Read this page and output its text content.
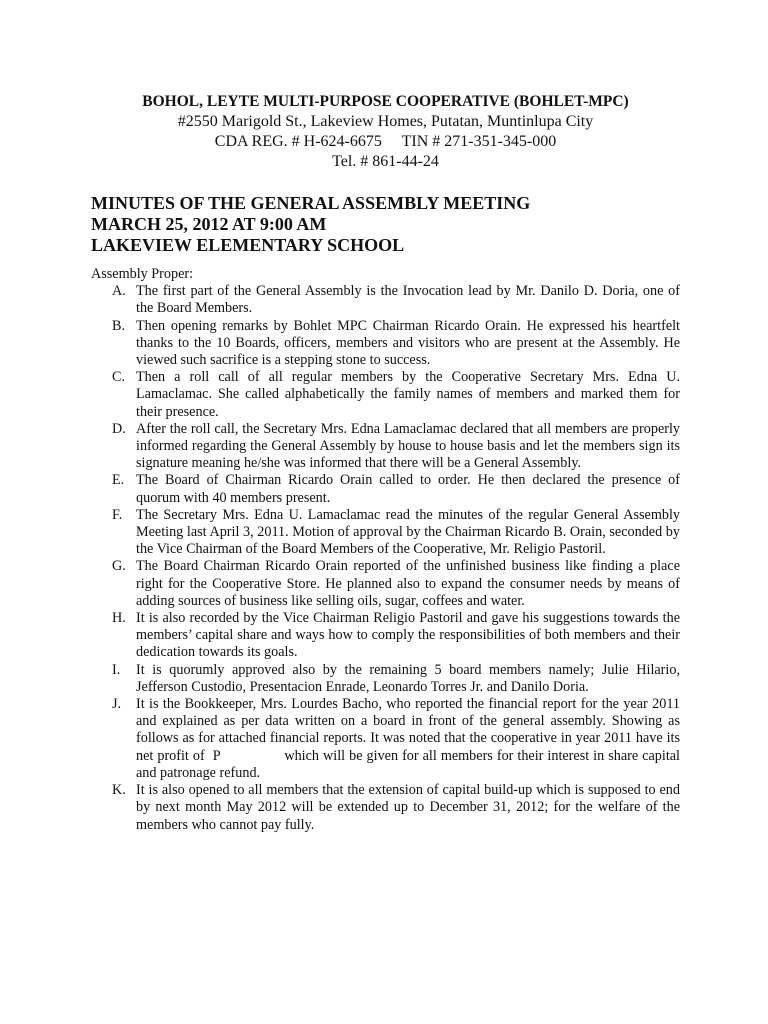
BOHOL, LEYTE MULTI-PURPOSE COOPERATIVE (BOHLET-MPC)
#2550 Marigold St., Lakeview Homes, Putatan, Muntinlupa City
CDA REG. # H-624-6675     TIN # 271-351-345-000
Tel. # 861-44-24
MINUTES OF THE GENERAL ASSEMBLY MEETING
MARCH 25, 2012 AT 9:00 AM
LAKEVIEW ELEMENTARY SCHOOL
Assembly Proper:
A. The first part of the General Assembly is the Invocation lead by Mr. Danilo D. Doria, one of the Board Members.
B. Then opening remarks by Bohlet MPC Chairman Ricardo Orain. He expressed his heartfelt thanks to the 10 Boards, officers, members and visitors who are present at the Assembly. He viewed such sacrifice is a stepping stone to success.
C. Then a roll call of all regular members by the Cooperative Secretary Mrs. Edna U. Lamaclamac. She called alphabetically the family names of members and marked them for their presence.
D. After the roll call, the Secretary Mrs. Edna Lamaclamac declared that all members are properly informed regarding the General Assembly by house to house basis and let the members sign its signature meaning he/she was informed that there will be a General Assembly.
E. The Board of Chairman Ricardo Orain called to order. He then declared the presence of quorum with 40 members present.
F. The Secretary Mrs. Edna U. Lamaclamac read the minutes of the regular General Assembly Meeting last April 3, 2011. Motion of approval by the Chairman Ricardo B. Orain, seconded by the Vice Chairman of the Board Members of the Cooperative, Mr. Religio Pastoril.
G. The Board Chairman Ricardo Orain reported of the unfinished business like finding a place right for the Cooperative Store. He planned also to expand the consumer needs by means of adding sources of business like selling oils, sugar, coffees and water.
H. It is also recorded by the Vice Chairman Religio Pastoril and gave his suggestions towards the members’ capital share and ways how to comply the responsibilities of both members and their dedication towards its goals.
I.	It is quorumly approved also by the remaining 5 board members namely; Julie Hilario, Jefferson Custodio, Presentacion Enrade, Leonardo Torres Jr. and Danilo Doria.
J.	It is the Bookkeeper, Mrs. Lourdes Bacho, who reported the financial report for the year 2011 and explained as per data written on a board in front of the general assembly. Showing as follows as for attached financial reports. It was noted that the cooperative in year 2011 have its net profit of  P                which will be given for all members for their interest in share capital and patronage refund.
K. It is also opened to all members that the extension of capital build-up which is supposed to end by next month May 2012 will be extended up to December 31, 2012; for the welfare of the members who cannot pay fully.
